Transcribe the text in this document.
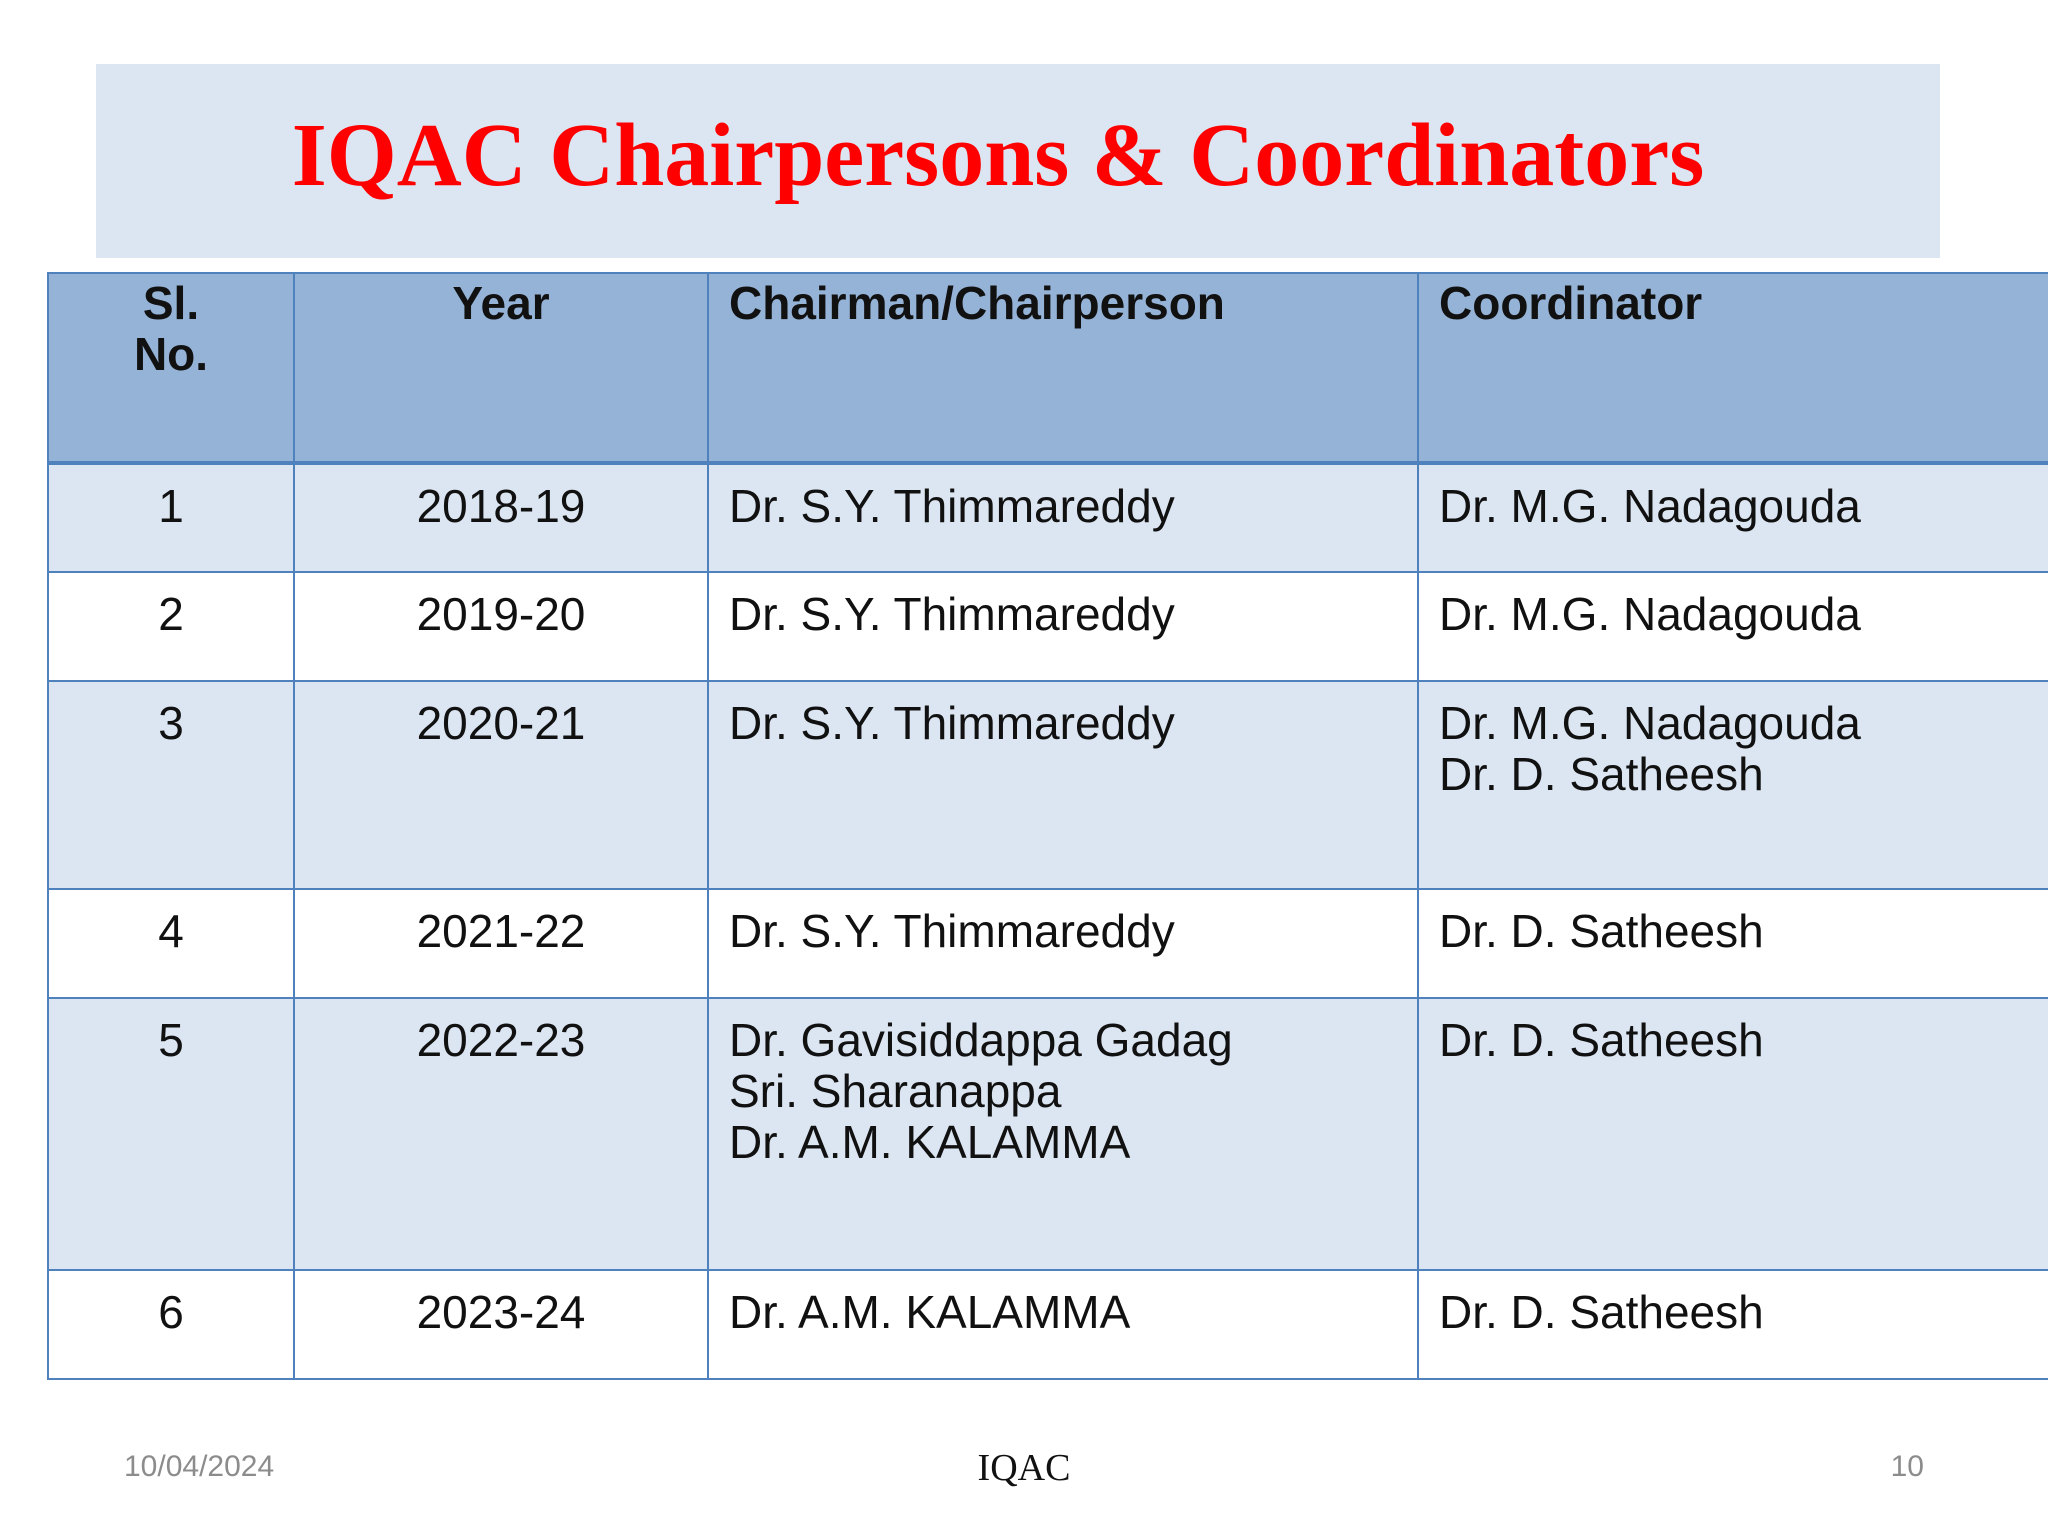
IQAC Chairpersons & Coordinators
Sl.
No.	Year	Chairman/Chairperson	Coordinator
1	2018-19	Dr. S.Y. Thimmareddy	Dr. M.G. Nadagouda

2	2019-20	Dr. S.Y. Thimmareddy	Dr. M.G. Nadagouda

3	2020-21	Dr. S.Y. Thimmareddy	Dr. M.G. Nadagouda
Dr. D. Satheesh

4	2021-22	Dr. S.Y. Thimmareddy	Dr. D. Satheesh

5	2022-23	Dr. Gavisiddappa Gadag
Sri. Sharanappa
Dr. A.M. KALAMMA	Dr. D. Satheesh

6	2023-24	Dr. A.M. KALAMMA	Dr. D. Satheesh
10/04/2024	IQAC	10
